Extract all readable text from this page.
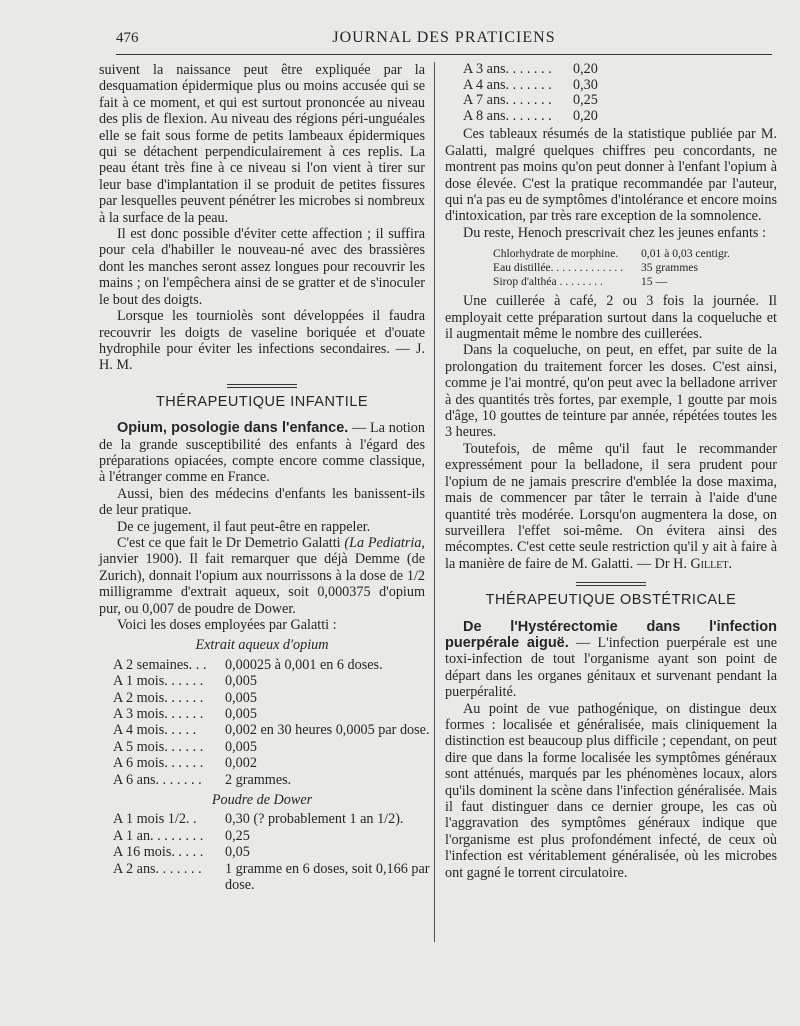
476	JOURNAL DES PRATICIENS

suivent la naissance peut être expliquée par la desquamation épidermique plus ou moins accusée qui se fait à ce moment, et qui est surtout prononcée au niveau des plis de flexion. Au niveau des régions péri-unguéales elle se fait sous forme de petits lambeaux épidermiques qui se détachent perpendiculairement à ces replis. La peau étant très fine à ce niveau si l'on vient à tirer sur leur base d'implantation il se produit de petites fissures par lesquelles peuvent pénétrer les microbes si nombreux à la surface de la peau.

Il est donc possible d'éviter cette affection ; il suffira pour cela d'habiller le nouveau-né avec des brassières dont les manches seront assez longues pour recouvrir les mains ; on l'empêchera ainsi de se gratter et de s'inoculer le bout des doigts.

Lorsque les tourniolès sont développées il faudra recouvrir les doigts de vaseline boriquée et d'ouate hydrophile pour éviter les infections secondaires. — J. H. M.

THÉRAPEUTIQUE INFANTILE

Opium, posologie dans l'enfance. — La notion de la grande susceptibilité des enfants à l'égard des préparations opiacées, compte encore comme classique, à l'étranger comme en France.

Aussi, bien des médecins d'enfants les banissent-ils de leur pratique.

De ce jugement, il faut peut-être en rappeler.

C'est ce que fait le Dr Demetrio Galatti (La Pediatria, janvier 1900). Il fait remarquer que déjà Demme (de Zurich), donnait l'opium aux nourrissons à la dose de 1/2 milligramme d'extrait aqueux, soit 0,000375 d'opium pur, ou 0,007 de poudre de Dower.

Voici les doses employées par Galatti :

Extrait aqueux d'opium
A 2 semaines. . .	0,00025 à 0,001 en 6 doses.
A 1 mois. . . . . .	0,005
A 2 mois. . . . . .	0,005
A 3 mois. . . . . .	0,005
A 4 mois. . . . .	0,002 en 30 heures 0,0005 par dose.
A 5 mois. . . . . .	0,005
A 6 mois. . . . . .	0,002
A 6 ans. . . . . . .	2 grammes.
Poudre de Dower
A 1 mois 1/2. .	0,30 (? probablement 1 an 1/2).
A 1 an. . . . . . . .	0,25
A 16 mois. . . . .	0,05
A 2 ans. . . . . . .	1 gramme en 6 doses, soit 0,166 par dose.
A 3 ans. . . . . . .	0,20
A 4 ans. . . . . . .	0,30
A 7 ans. . . . . . .	0,25
A 8 ans. . . . . . .	0,20

Ces tableaux résumés de la statistique publiée par M. Galatti, malgré quelques chiffres peu concordants, ne montrent pas moins qu'on peut donner à l'enfant l'opium à dose élevée. C'est la pratique recommandée par l'auteur, qui n'a pas eu de symptômes d'intolérance et encore moins d'intoxication, par très rare exception de la somnolence.

Du reste, Henoch prescrivait chez les jeunes enfants :

Chlorhydrate de morphine.	0,01 à 0,03 centigr.
Eau distillée. . . . . . . . . . . . .	35 grammes
Sirop d'althéa . . . . . . . .	15 —

Une cuillerée à café, 2 ou 3 fois la journée. Il employait cette préparation surtout dans la coqueluche et il augmentait même le nombre des cuillerées.

Dans la coqueluche, on peut, en effet, par suite de la prolongation du traitement forcer les doses. C'est ainsi, comme je l'ai montré, qu'on peut avec la belladone arriver à des quantités très fortes, par exemple, 1 goutte par mois d'âge, 10 gouttes de teinture par année, répétées toutes les 3 heures.

Toutefois, de même qu'il faut le recommander expressément pour la belladone, il sera prudent pour l'opium de ne jamais prescrire d'emblée la dose maxima, mais de commencer par tâter le terrain à l'aide d'une quantité très modérée. Lorsqu'on augmentera la dose, on surveillera l'effet soi-même. On évitera ainsi des mécomptes. C'est cette seule restriction qu'il y ait à faire à la manière de faire de M. Galatti. — Dr H. Gillet.

THÉRAPEUTIQUE OBSTÉTRICALE

De l'Hystérectomie dans l'infection puerpérale aiguë. — L'infection puerpérale est une toxi-infection de tout l'organisme ayant son point de départ dans les organes génitaux et survenant pendant la puerpéralité.

Au point de vue pathogénique, on distingue deux formes : localisée et généralisée, mais cliniquement la distinction est beaucoup plus difficile ; cependant, on peut dire que dans la forme localisée les symptômes généraux sont atténués, marqués par les phénomènes locaux, alors qu'ils dominent la scène dans l'infection généralisée. Mais il faut distinguer dans ce dernier groupe, les cas où l'aggravation des symptômes généraux indique que l'organisme est plus profondément infecté, de ceux où l'infection est véritablement généralisée, où les microbes ont gagné le torrent circulatoire.
